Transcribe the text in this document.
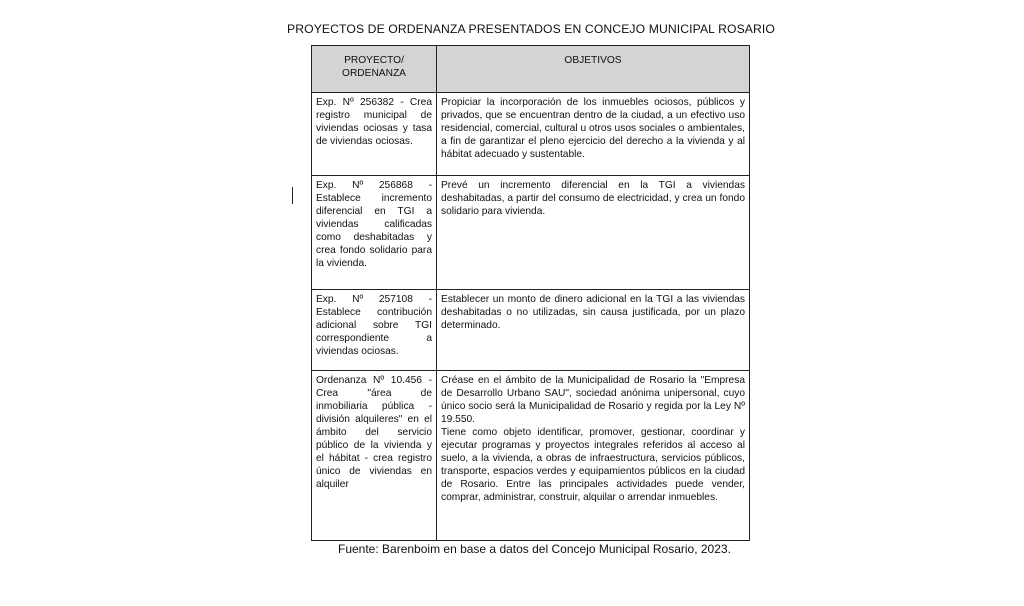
PROYECTOS DE ORDENANZA PRESENTADOS EN CONCEJO MUNICIPAL ROSARIO
PROYECTO/
ORDENANZA	OBJETIVOS
Exp. Nº 256382 - Crea registro municipal de viviendas ociosas y tasa de viviendas ociosas.	Propiciar la incorporación de los inmuebles ociosos, públicos y privados, que se encuentran dentro de la ciudad, a un efectivo uso residencial, comercial, cultural u otros usos sociales o ambientales, a fin de garantizar el pleno ejercicio del derecho a la vivienda y al hábitat adecuado y sustentable.
Exp. Nº 256868 - Establece incremento diferencial en TGI a viviendas calificadas como deshabitadas y crea fondo solidario para la vivienda.	Prevé un incremento diferencial en la TGI a viviendas deshabitadas, a partir del consumo de electricidad, y crea un fondo solidario para vivienda.
Exp. Nº 257108 - Establece contribución adicional sobre TGI correspondiente a viviendas ociosas.	Establecer un monto de dinero adicional en la TGI a las viviendas deshabitadas o no utilizadas, sin causa justificada, por un plazo determinado.
Ordenanza Nº 10.456 - Crea "área de inmobiliaria pública - división alquileres" en el ámbito del servicio público de la vivienda y el hábitat - crea registro único de viviendas en alquiler	Créase en el ámbito de la Municipalidad de Rosario la "Empresa de Desarrollo Urbano SAU", sociedad anónima unipersonal, cuyo único socio será la Municipalidad de Rosario y regida por la Ley Nº 19.550.
Tiene como objeto identificar, promover, gestionar, coordinar y ejecutar programas y proyectos integrales referidos al acceso al suelo, a la vivienda, a obras de infraestructura, servicios públicos, transporte, espacios verdes y equipamientos públicos en la ciudad de Rosario. Entre las principales actividades puede vender, comprar, administrar, construir, alquilar o arrendar inmuebles.
Fuente: Barenboim en base a datos del Concejo Municipal Rosario, 2023.
